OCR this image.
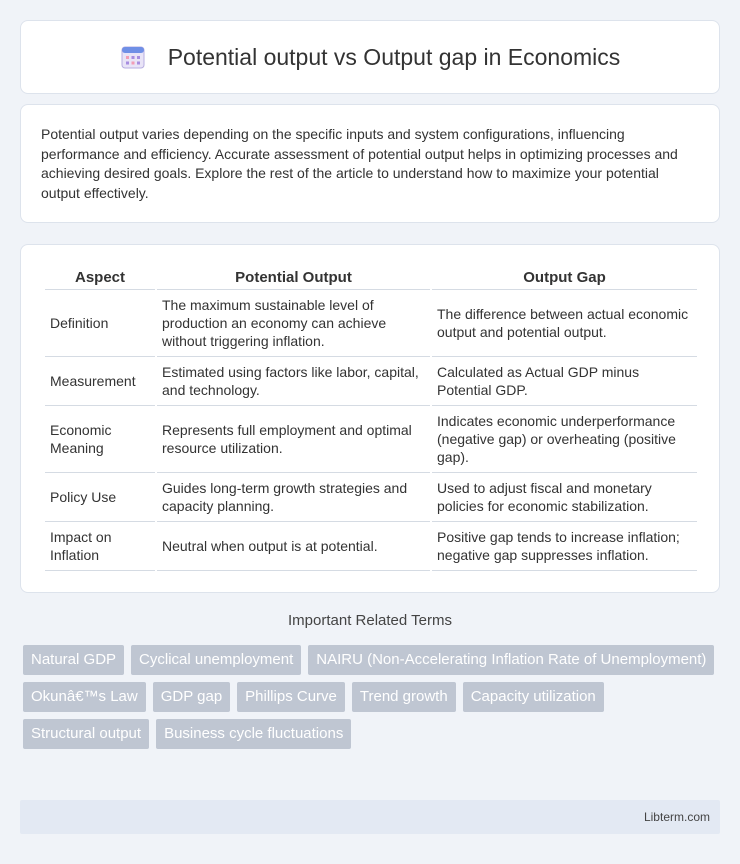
Potential output vs Output gap in Economics
Potential output varies depending on the specific inputs and system configurations, influencing performance and efficiency. Accurate assessment of potential output helps in optimizing processes and achieving desired goals. Explore the rest of the article to understand how to maximize your potential output effectively.
Aspect	Potential Output	Output Gap
Definition	The maximum sustainable level of production an economy can achieve without triggering inflation.	The difference between actual economic output and potential output.
Measurement	Estimated using factors like labor, capital, and technology.	Calculated as Actual GDP minus Potential GDP.
Economic Meaning	Represents full employment and optimal resource utilization.	Indicates economic underperformance (negative gap) or overheating (positive gap).
Policy Use	Guides long-term growth strategies and capacity planning.	Used to adjust fiscal and monetary policies for economic stabilization.
Impact on Inflation	Neutral when output is at potential.	Positive gap tends to increase inflation; negative gap suppresses inflation.
Important Related Terms
Natural GDP	Cyclical unemployment	NAIRU (Non-Accelerating Inflation Rate of Unemployment)
Okunâ€™s Law	GDP gap	Phillips Curve	Trend growth	Capacity utilization
Structural output	Business cycle fluctuations
Libterm.com
